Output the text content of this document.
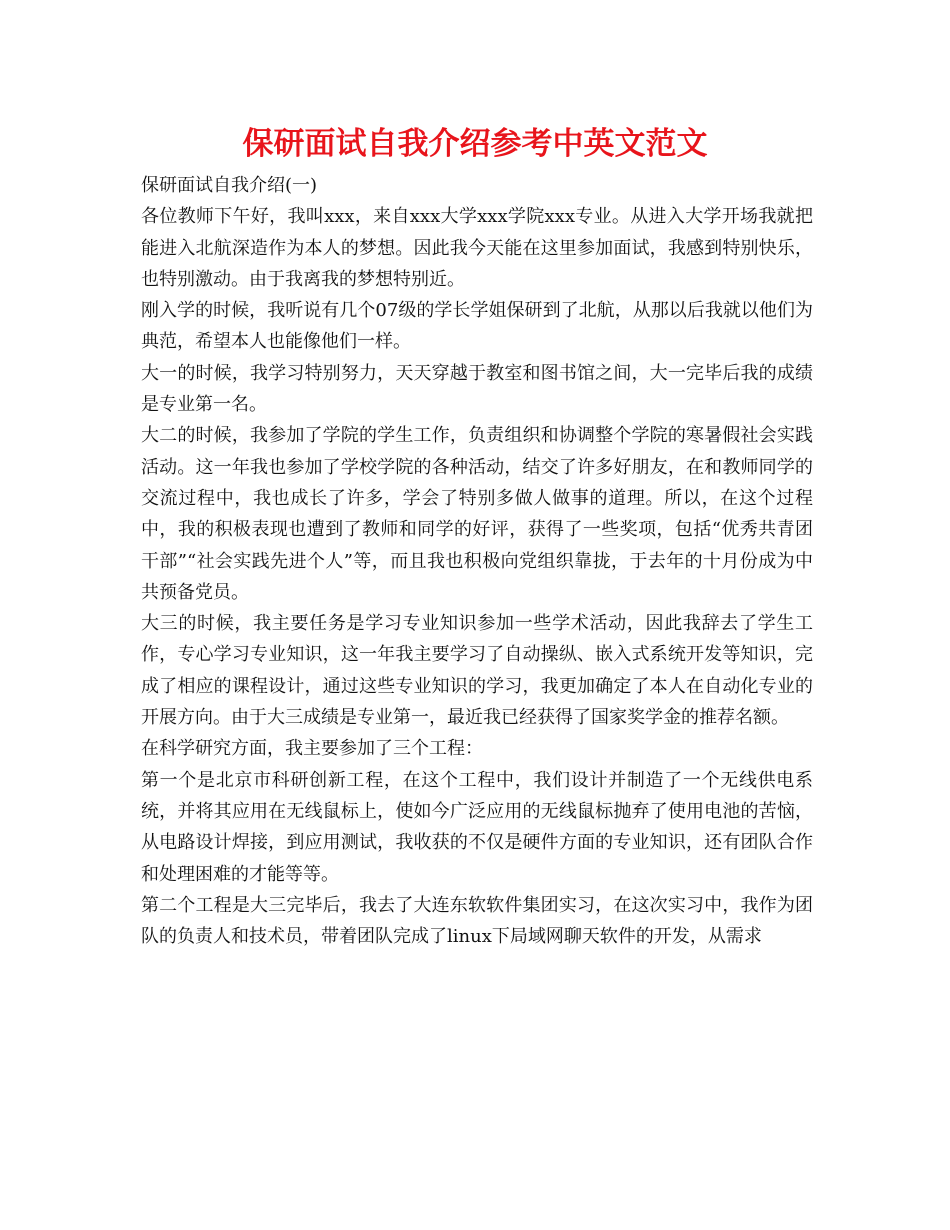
保研面试自我介绍参考中英文范文

保研面试自我介绍(一)

各位教师下午好，我叫xxx，来自xxx大学xxx学院xxx专业。从进入大学开场我就把能进入北航深造作为本人的梦想。因此我今天能在这里参加面试，我感到特别快乐，也特别激动。由于我离我的梦想特别近。

刚入学的时候，我听说有几个07级的学长学姐保研到了北航，从那以后我就以他们为典范，希望本人也能像他们一样。

大一的时候，我学习特别努力，天天穿越于教室和图书馆之间，大一完毕后我的成绩是专业第一名。

大二的时候，我参加了学院的学生工作，负责组织和协调整个学院的寒暑假社会实践活动。这一年我也参加了学校学院的各种活动，结交了许多好朋友，在和教师同学的交流过程中，我也成长了许多，学会了特别多做人做事的道理。所以，在这个过程中，我的积极表现也遭到了教师和同学的好评，获得了一些奖项，包括“优秀共青团干部”“社会实践先进个人”等，而且我也积极向党组织靠拢，于去年的十月份成为中共预备党员。

大三的时候，我主要任务是学习专业知识参加一些学术活动，因此我辞去了学生工作，专心学习专业知识，这一年我主要学习了自动操纵、嵌入式系统开发等知识，完成了相应的课程设计，通过这些专业知识的学习，我更加确定了本人在自动化专业的开展方向。由于大三成绩是专业第一，最近我已经获得了国家奖学金的推荐名额。

在科学研究方面，我主要参加了三个工程：

第一个是北京市科研创新工程，在这个工程中，我们设计并制造了一个无线供电系统，并将其应用在无线鼠标上，使如今广泛应用的无线鼠标抛弃了使用电池的苦恼，从电路设计焊接，到应用测试，我收获的不仅是硬件方面的专业知识，还有团队合作和处理困难的才能等等。

第二个工程是大三完毕后，我去了大连东软软件集团实习，在这次实习中，我作为团队的负责人和技术员，带着团队完成了linux下局域网聊天软件的开发，从需求
